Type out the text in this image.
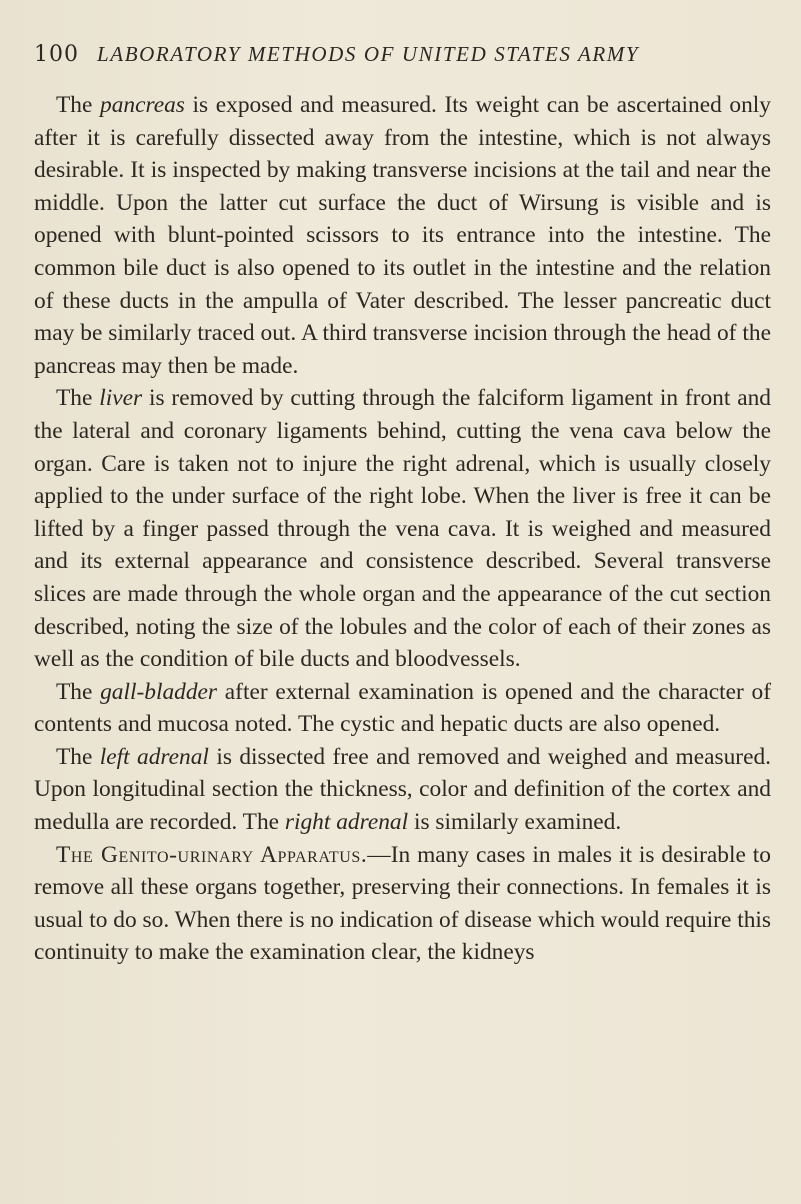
100 LABORATORY METHODS OF UNITED STATES ARMY

The pancreas is exposed and measured. Its weight can be ascertained only after it is carefully dissected away from the intestine, which is not always desirable. It is inspected by making transverse incisions at the tail and near the middle. Upon the latter cut surface the duct of Wirsung is visible and is opened with blunt-pointed scissors to its entrance into the intestine. The common bile duct is also opened to its outlet in the intestine and the relation of these ducts in the ampulla of Vater described. The lesser pancreatic duct may be similarly traced out. A third transverse incision through the head of the pancreas may then be made.

The liver is removed by cutting through the falciform ligament in front and the lateral and coronary ligaments behind, cutting the vena cava below the organ. Care is taken not to injure the right adrenal, which is usually closely applied to the under surface of the right lobe. When the liver is free it can be lifted by a finger passed through the vena cava. It is weighed and measured and its external appearance and consistence described. Several transverse slices are made through the whole organ and the appearance of the cut section described, noting the size of the lobules and the color of each of their zones as well as the condition of bile ducts and bloodvessels.

The gall-bladder after external examination is opened and the character of contents and mucosa noted. The cystic and hepatic ducts are also opened.

The left adrenal is dissected free and removed and weighed and measured. Upon longitudinal section the thickness, color and definition of the cortex and medulla are recorded. The right adrenal is similarly examined.

The Genito-urinary Apparatus.—In many cases in males it is desirable to remove all these organs together, preserving their connections. In females it is usual to do so. When there is no indication of disease which would require this continuity to make the examination clear, the kidneys
